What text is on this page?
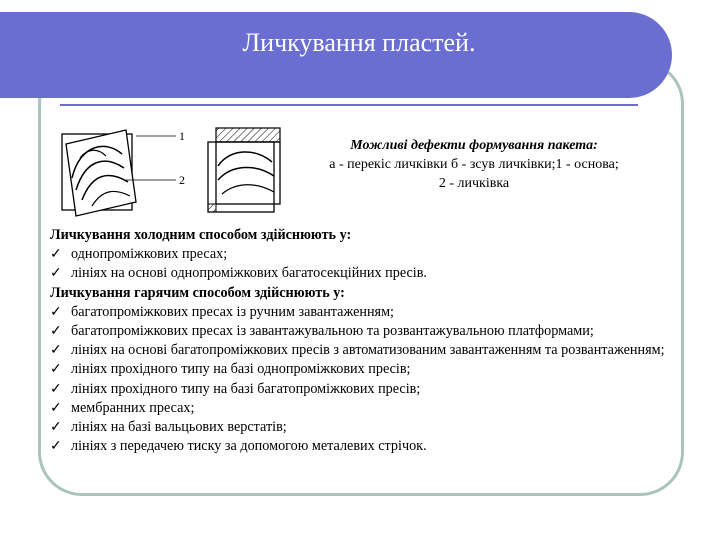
Личкування пластей.
1
2
Можливі дефекти формування пакета:
а - перекіс личківки б - зсув личківки;1 - основа;
2 - личківка
Личкування холодним способом здійснюють у:
✓ однопроміжкових пресах;
✓ лініях на основі однопроміжкових багатосекційних пресів.
Личкування гарячим способом здійснюють у:
✓ багатопроміжкових пресах із ручним завантаженням;
✓ багатопроміжкових пресах із завантажувальною та розвантажувальною платформами;
✓ лініях на основі багатопроміжкових пресів з автоматизованим завантаженням та розвантаженням;
✓ лініях прохідного типу на базі однопроміжкових пресів;
✓ лініях прохідного типу на базі багатопроміжкових пресів;
✓ мембранних пресах;
✓ лініях на базі вальцьових верстатів;
✓ лініях з передачею тиску за допомогою металевих стрічок.
